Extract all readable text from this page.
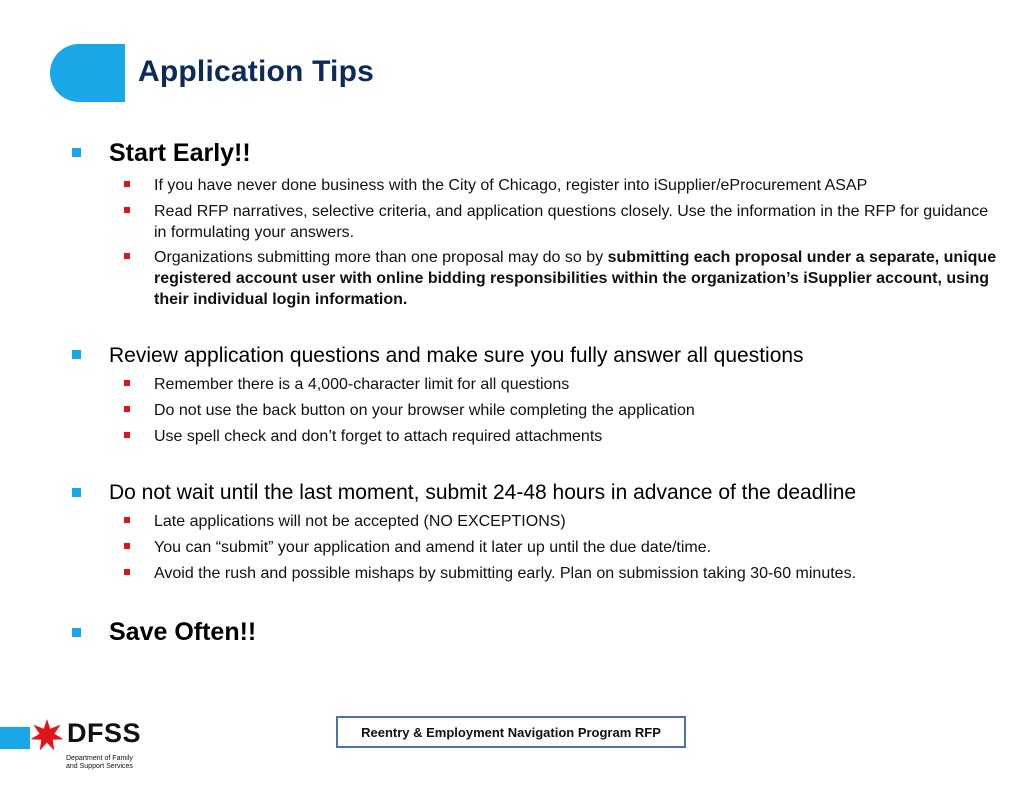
Application Tips
Start Early!!
If you have never done business with the City of Chicago, register into iSupplier/eProcurement ASAP
Read RFP narratives, selective criteria, and application questions closely. Use the information in the RFP for guidance in formulating your answers.
Organizations submitting more than one proposal may do so by submitting each proposal under a separate, unique registered account user with online bidding responsibilities within the organization’s iSupplier account, using their individual login information.
Review application questions and make sure you fully answer all questions
Remember there is a 4,000-character limit for all questions
Do not use the back button on your browser while completing the application
Use spell check and don’t forget to attach required attachments
Do not wait until the last moment, submit 24-48 hours in advance of the deadline
Late applications will not be accepted (NO EXCEPTIONS)
You can “submit” your application and amend it later up until the due date/time.
Avoid the rush and possible mishaps by submitting early. Plan on submission taking 30-60 minutes.
Save Often!!
Reentry & Employment Navigation Program RFP
DFSS
Department of Family
and Support Services
